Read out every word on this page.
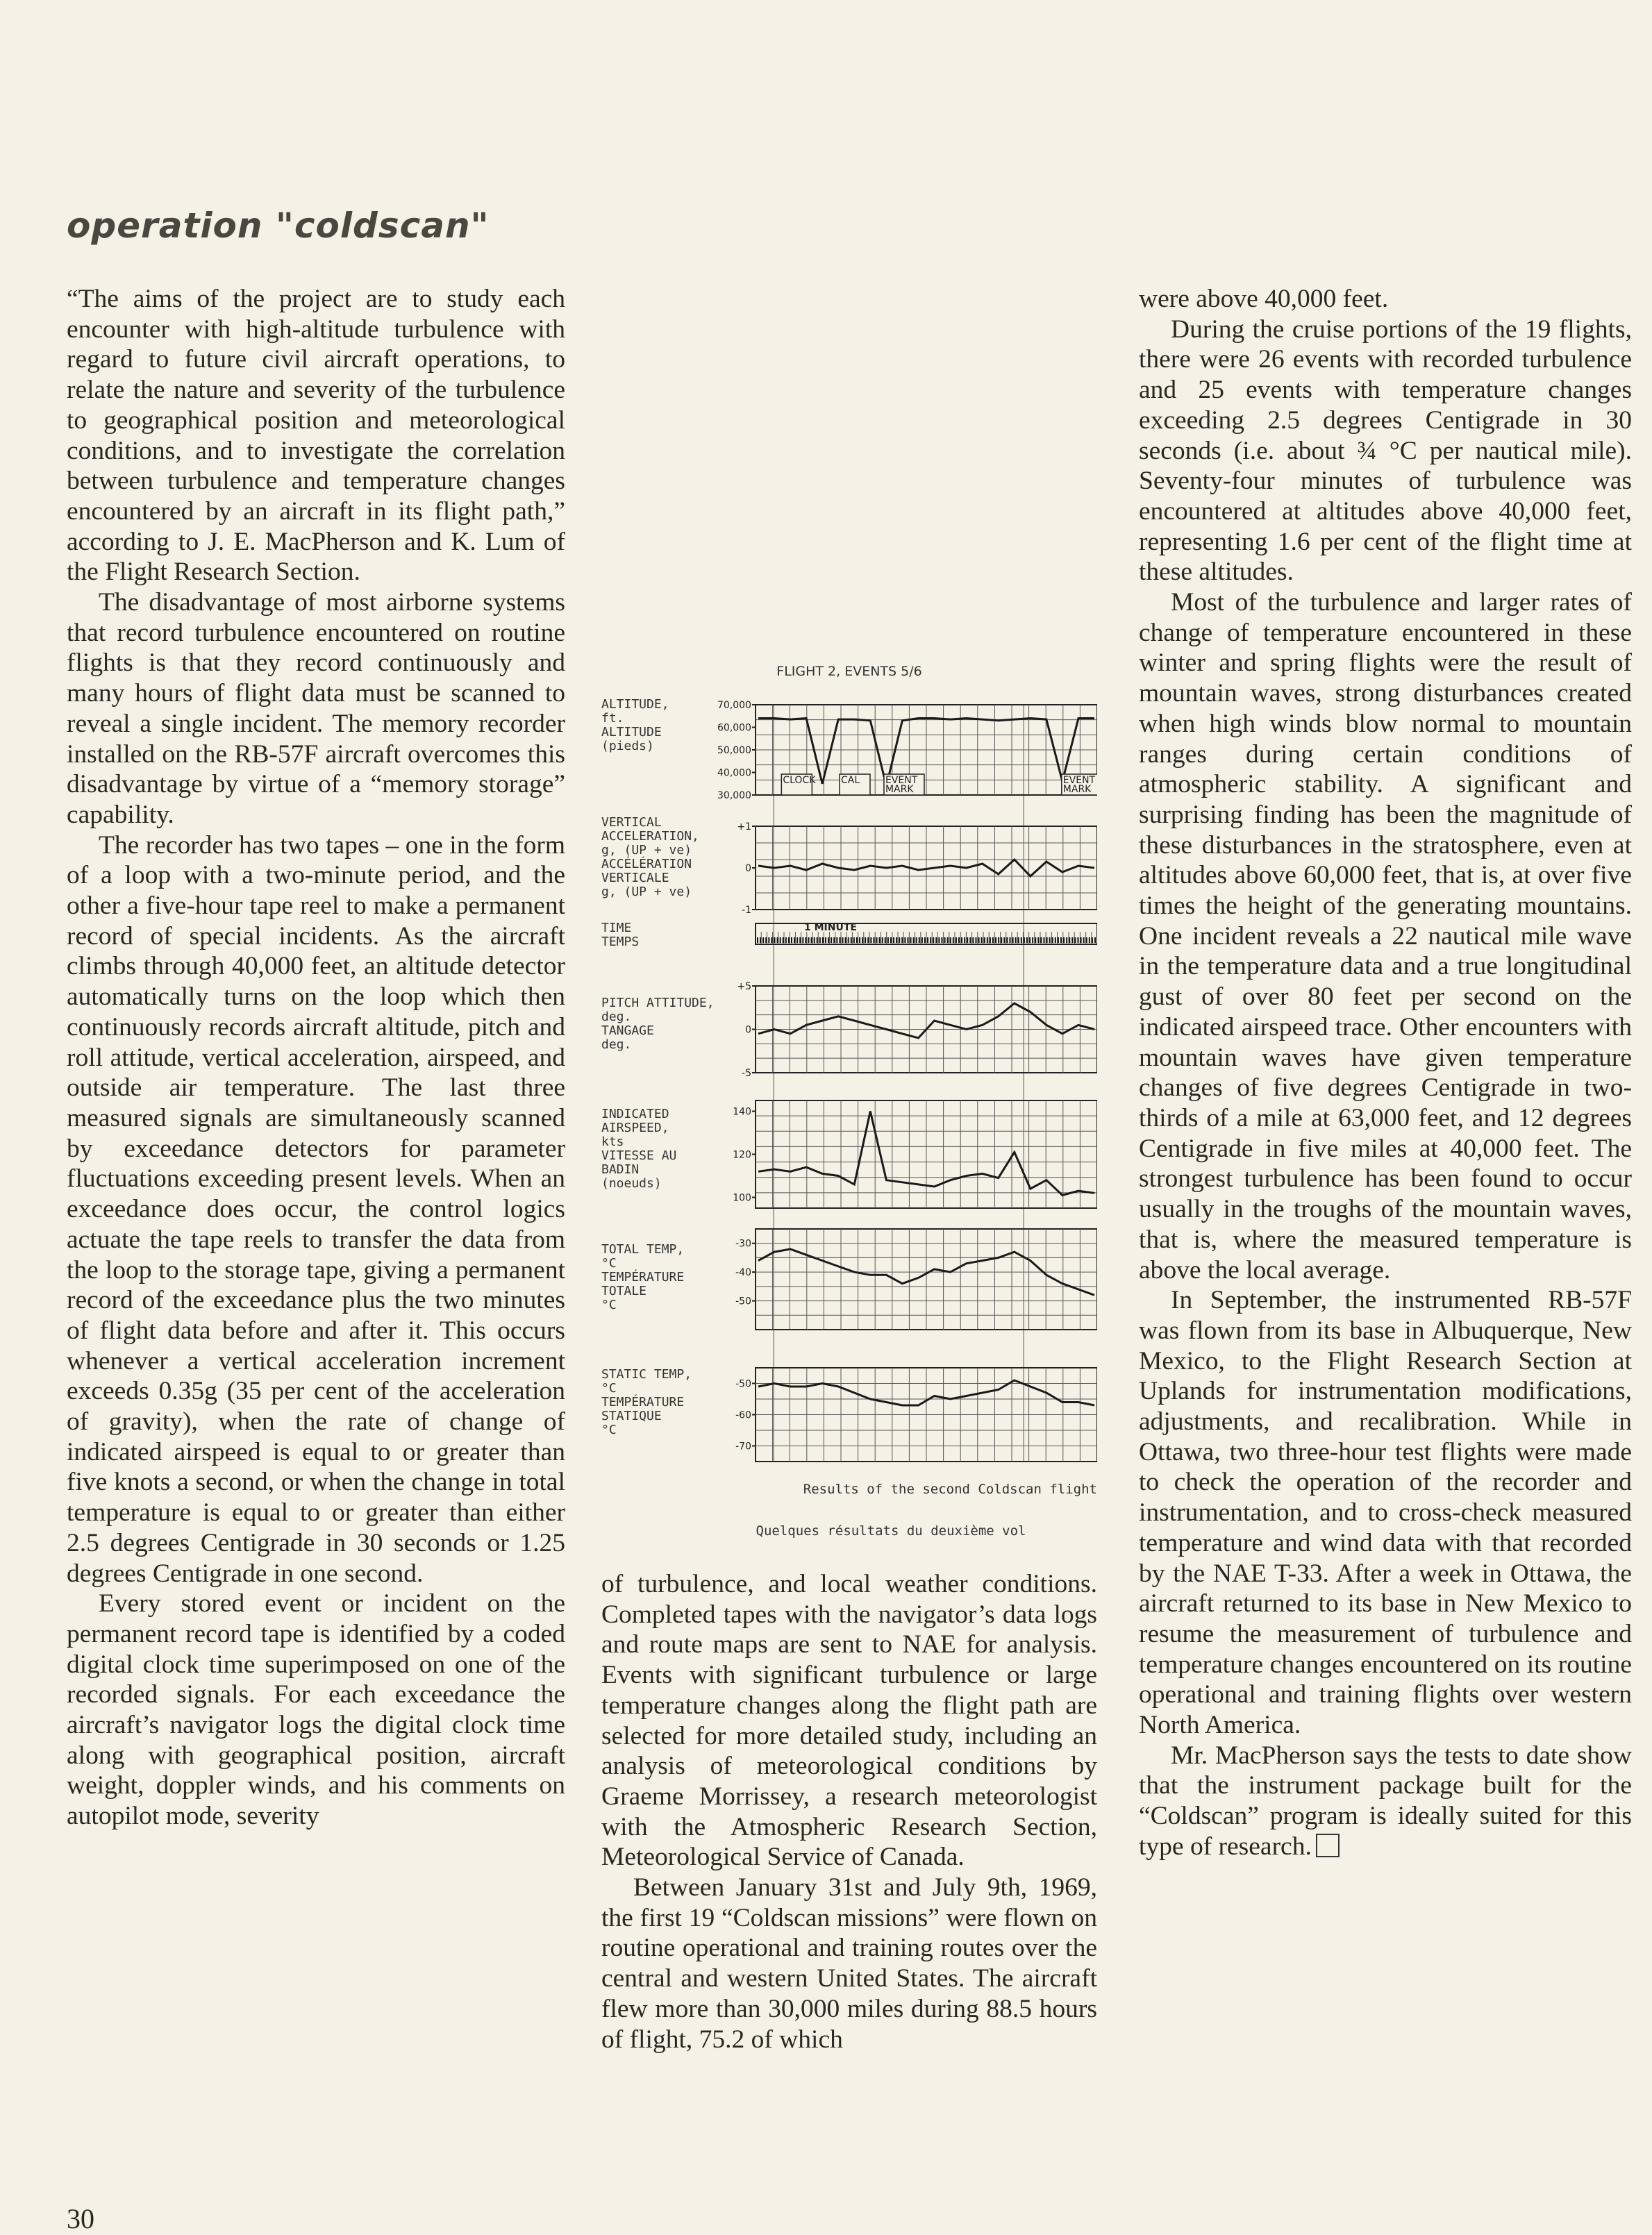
operation "coldscan"

“The aims of the project are to study each encounter with high-altitude turbulence with regard to future civil aircraft operations, to relate the nature and severity of the turbulence to geographical position and meteorological conditions, and to investigate the correlation between turbulence and temperature changes encountered by an aircraft in its flight path,” according to J. E. MacPherson and K. Lum of the Flight Research Section.

The disadvantage of most airborne systems that record turbulence encountered on routine flights is that they record continuously and many hours of flight data must be scanned to reveal a single incident. The memory recorder installed on the RB-57F aircraft overcomes this disadvantage by virtue of a “memory storage” capability.

The recorder has two tapes – one in the form of a loop with a two-minute period, and the other a five-hour tape reel to make a permanent record of special incidents. As the aircraft climbs through 40,000 feet, an altitude detector automatically turns on the loop which then continuously records aircraft altitude, pitch and roll attitude, vertical acceleration, airspeed, and outside air temperature. The last three measured signals are simultaneously scanned by exceedance detectors for parameter fluctuations exceeding present levels. When an exceedance does occur, the control logics actuate the tape reels to transfer the data from the loop to the storage tape, giving a permanent record of the exceedance plus the two minutes of flight data before and after it. This occurs whenever a vertical acceleration increment exceeds 0.35g (35 per cent of the acceleration of gravity), when the rate of change of indicated airspeed is equal to or greater than five knots a second, or when the change in total temperature is equal to or greater than either 2.5 degrees Centigrade in 30 seconds or 1.25 degrees Centigrade in one second.

Every stored event or incident on the permanent record tape is identified by a coded digital clock time superimposed on one of the recorded signals. For each exceedance the aircraft’s navigator logs the digital clock time along with geographical position, aircraft weight, doppler winds, and his comments on autopilot mode, severity

FLIGHT 2, EVENTS 5/6
ALTITUDE,
ft.
ALTITUDE
(pieds)
70,000
60,000
50,000
40,000
30,000
VERTICAL
ACCELERATION,
g, (UP + ve)
ACCÉLÉRATION
VERTICALE
g, (UP + ve)
+1
0
-1
TIME
TEMPS
PITCH ATTITUDE,
deg.
TANGAGE
deg.
+5
0
-5
INDICATED
AIRSPEED,
kts
VITESSE AU
BADIN
(noeuds)
140
120
100
TOTAL TEMP,
°C
TEMPÉRATURE
TOTALE
°C
-30
-40
-50
STATIC TEMP,
°C
TEMPÉRATURE
STATIQUE
°C
-50
-60
-70
1 MINUTE
CLOCK	CAL	EVENT
MARK
EVENT
MARK
Results of the second Coldscan flight
Quelques résultats du deuxième vol

of turbulence, and local weather conditions. Completed tapes with the navigator’s data logs and route maps are sent to NAE for analysis. Events with significant turbulence or large temperature changes along the flight path are selected for more detailed study, including an analysis of meteorological conditions by Graeme Morrissey, a research meteorologist with the Atmospheric Research Section, Meteorological Service of Canada.

Between January 31st and July 9th, 1969, the first 19 “Coldscan missions” were flown on routine operational and training routes over the central and western United States. The aircraft flew more than 30,000 miles during 88.5 hours of flight, 75.2 of which

were above 40,000 feet.

During the cruise portions of the 19 flights, there were 26 events with recorded turbulence and 25 events with temperature changes exceeding 2.5 degrees Centigrade in 30 seconds (i.e. about ¾ °C per nautical mile). Seventy-four minutes of turbulence was encountered at altitudes above 40,000 feet, representing 1.6 per cent of the flight time at these altitudes.

Most of the turbulence and larger rates of change of temperature encountered in these winter and spring flights were the result of mountain waves, strong disturbances created when high winds blow normal to mountain ranges during certain conditions of atmospheric stability. A significant and surprising finding has been the magnitude of these disturbances in the stratosphere, even at altitudes above 60,000 feet, that is, at over five times the height of the generating mountains. One incident reveals a 22 nautical mile wave in the temperature data and a true longitudinal gust of over 80 feet per second on the indicated airspeed trace. Other encounters with mountain waves have given temperature changes of five degrees Centigrade in two-thirds of a mile at 63,000 feet, and 12 degrees Centigrade in five miles at 40,000 feet. The strongest turbulence has been found to occur usually in the troughs of the mountain waves, that is, where the measured temperature is above the local average.

In September, the instrumented RB-57F was flown from its base in Albuquerque, New Mexico, to the Flight Research Section at Uplands for instrumentation modifications, adjustments, and recalibration. While in Ottawa, two three-hour test flights were made to check the operation of the recorder and instrumentation, and to cross-check measured temperature and wind data with that recorded by the NAE T-33. After a week in Ottawa, the aircraft returned to its base in New Mexico to resume the measurement of turbulence and temperature changes encountered on its routine operational and training flights over western North America.

Mr. MacPherson says the tests to date show that the instrument package built for the “Coldscan” program is ideally suited for this type of research.

30
